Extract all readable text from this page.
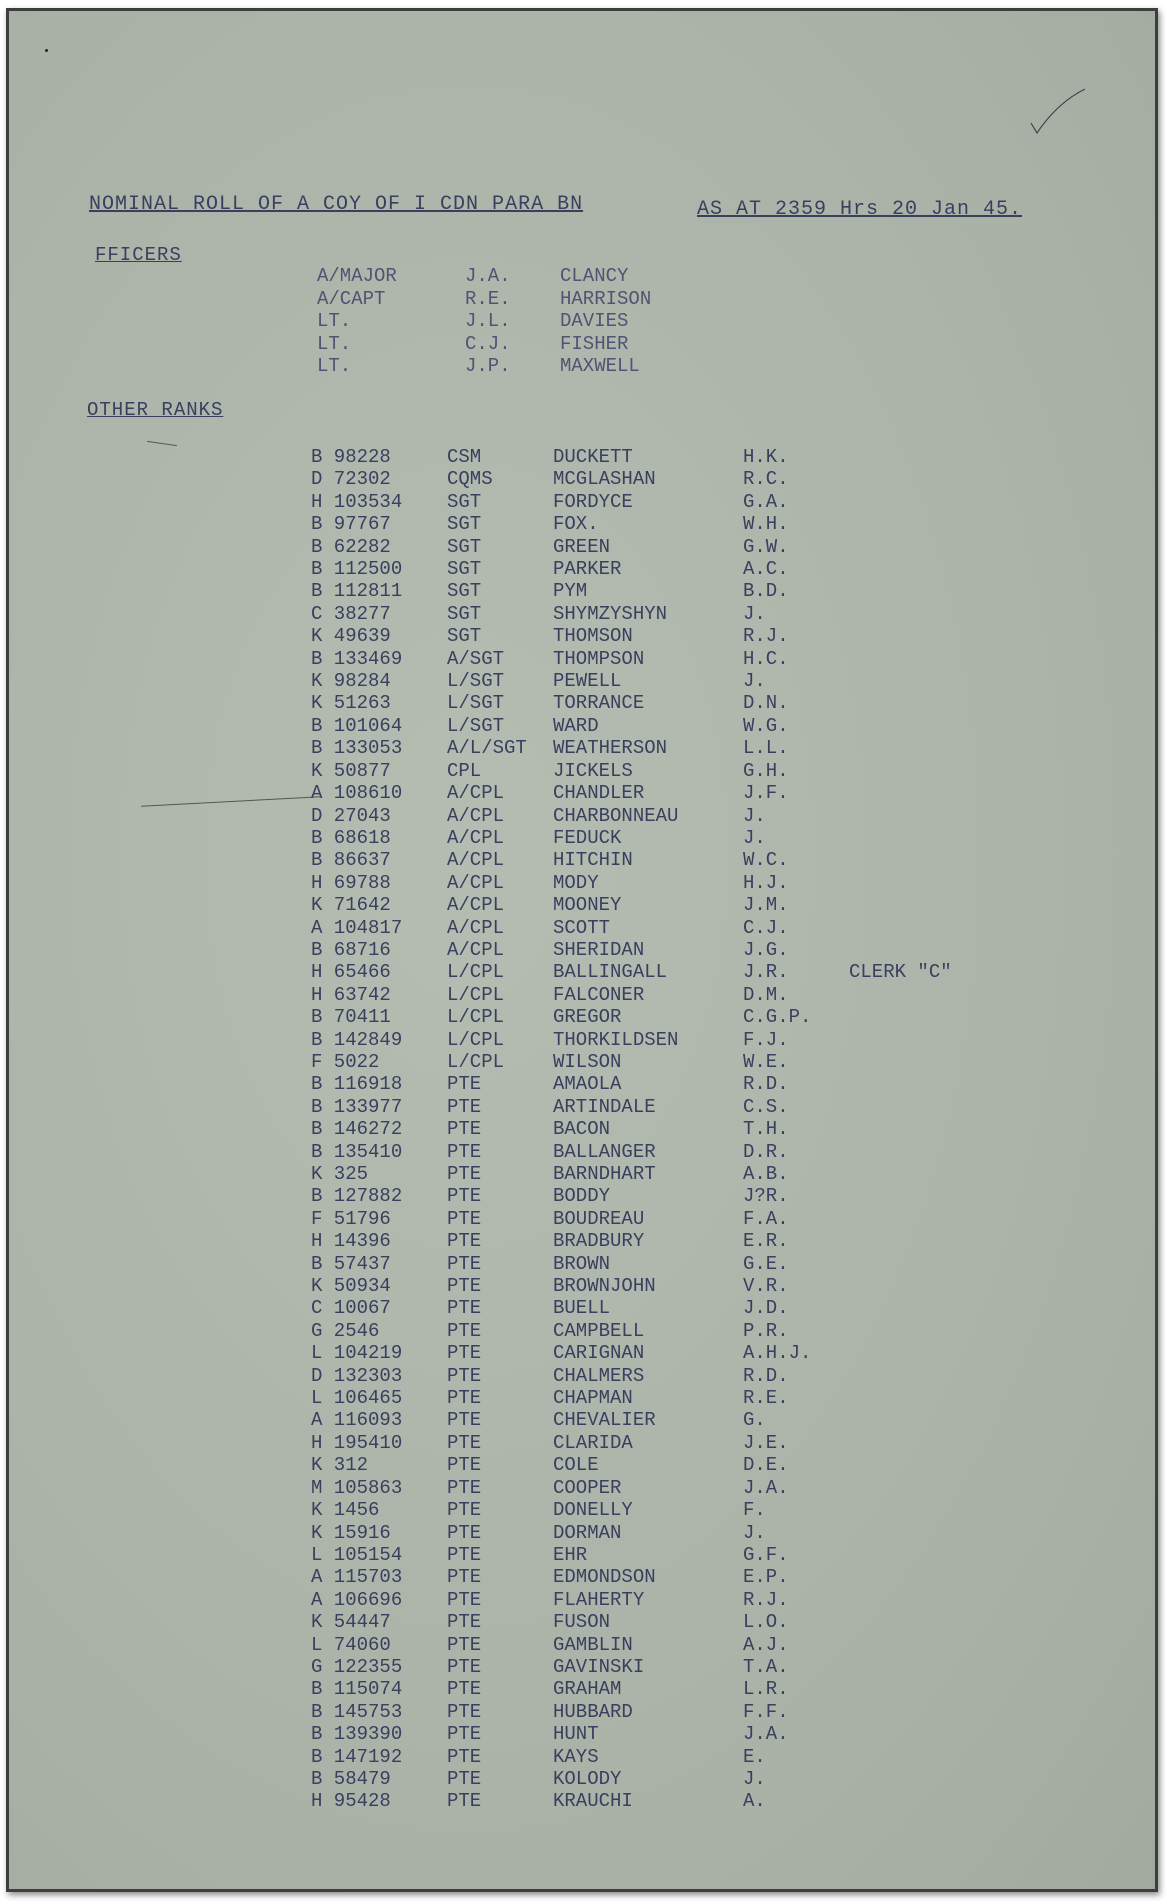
NOMINAL ROLL OF A COY OF I CDN PARA BN	AS AT 2359 Hrs 20 Jan 45.
FFICERS
A/MAJOR	J.A.	CLANCY
A/CAPT	R.E.	HARRISON
LT.	J.L.	DAVIES
LT.	C.J.	FISHER
LT.	J.P.	MAXWELL
OTHER RANKS
B 98228	CSM	DUCKETT	H.K.	
D 72302	CQMS	MCGLASHAN	R.C.	
H 103534	SGT	FORDYCE	G.A.	
B 97767	SGT	FOX.	W.H.	
B 62282	SGT	GREEN	G.W.	
B 112500	SGT	PARKER	A.C.	
B 112811	SGT	PYM	B.D.	
C 38277	SGT	SHYMZYSHYN	J.	
K 49639	SGT	THOMSON	R.J.	
B 133469	A/SGT	THOMPSON	H.C.	
K 98284	L/SGT	PEWELL	J.	
K 51263	L/SGT	TORRANCE	D.N.	
B 101064	L/SGT	WARD	W.G.	
B 133053	A/L/SGT	WEATHERSON	L.L.	
K 50877	CPL	JICKELS	G.H.	
A 108610	A/CPL	CHANDLER	J.F.	
D 27043	A/CPL	CHARBONNEAU	J.	
B 68618	A/CPL	FEDUCK	J.	
B 86637	A/CPL	HITCHIN	W.C.	
H 69788	A/CPL	MODY	H.J.	
K 71642	A/CPL	MOONEY	J.M.	
A 104817	A/CPL	SCOTT	C.J.	
B 68716	A/CPL	SHERIDAN	J.G.	
H 65466	L/CPL	BALLINGALL	J.R.	CLERK "C"
H 63742	L/CPL	FALCONER	D.M.	
B 70411	L/CPL	GREGOR	C.G.P.	
B 142849	L/CPL	THORKILDSEN	F.J.	
F 5022	L/CPL	WILSON	W.E.	
B 116918	PTE	AMAOLA	R.D.	
B 133977	PTE	ARTINDALE	C.S.	
B 146272	PTE	BACON	T.H.	
B 135410	PTE	BALLANGER	D.R.	
K 325	PTE	BARNDHART	A.B.	
B 127882	PTE	BODDY	J?R.	
F 51796	PTE	BOUDREAU	F.A.	
H 14396	PTE	BRADBURY	E.R.	
B 57437	PTE	BROWN	G.E.	
K 50934	PTE	BROWNJOHN	V.R.	
C 10067	PTE	BUELL	J.D.	
G 2546	PTE	CAMPBELL	P.R.	
L 104219	PTE	CARIGNAN	A.H.J.	
D 132303	PTE	CHALMERS	R.D.	
L 106465	PTE	CHAPMAN	R.E.	
A 116093	PTE	CHEVALIER	G.	
H 195410	PTE	CLARIDA	J.E.	
K 312	PTE	COLE	D.E.	
M 105863	PTE	COOPER	J.A.	
K 1456	PTE	DONELLY	F.	
K 15916	PTE	DORMAN	J.	
L 105154	PTE	EHR	G.F.	
A 115703	PTE	EDMONDSON	E.P.	
A 106696	PTE	FLAHERTY	R.J.	
K 54447	PTE	FUSON	L.O.	
L 74060	PTE	GAMBLIN	A.J.	
G 122355	PTE	GAVINSKI	T.A.	
B 115074	PTE	GRAHAM	L.R.	
B 145753	PTE	HUBBARD	F.F.	
B 139390	PTE	HUNT	J.A.	
B 147192	PTE	KAYS	E.	
B 58479	PTE	KOLODY	J.	
H 95428	PTE	KRAUCHI	A.	
